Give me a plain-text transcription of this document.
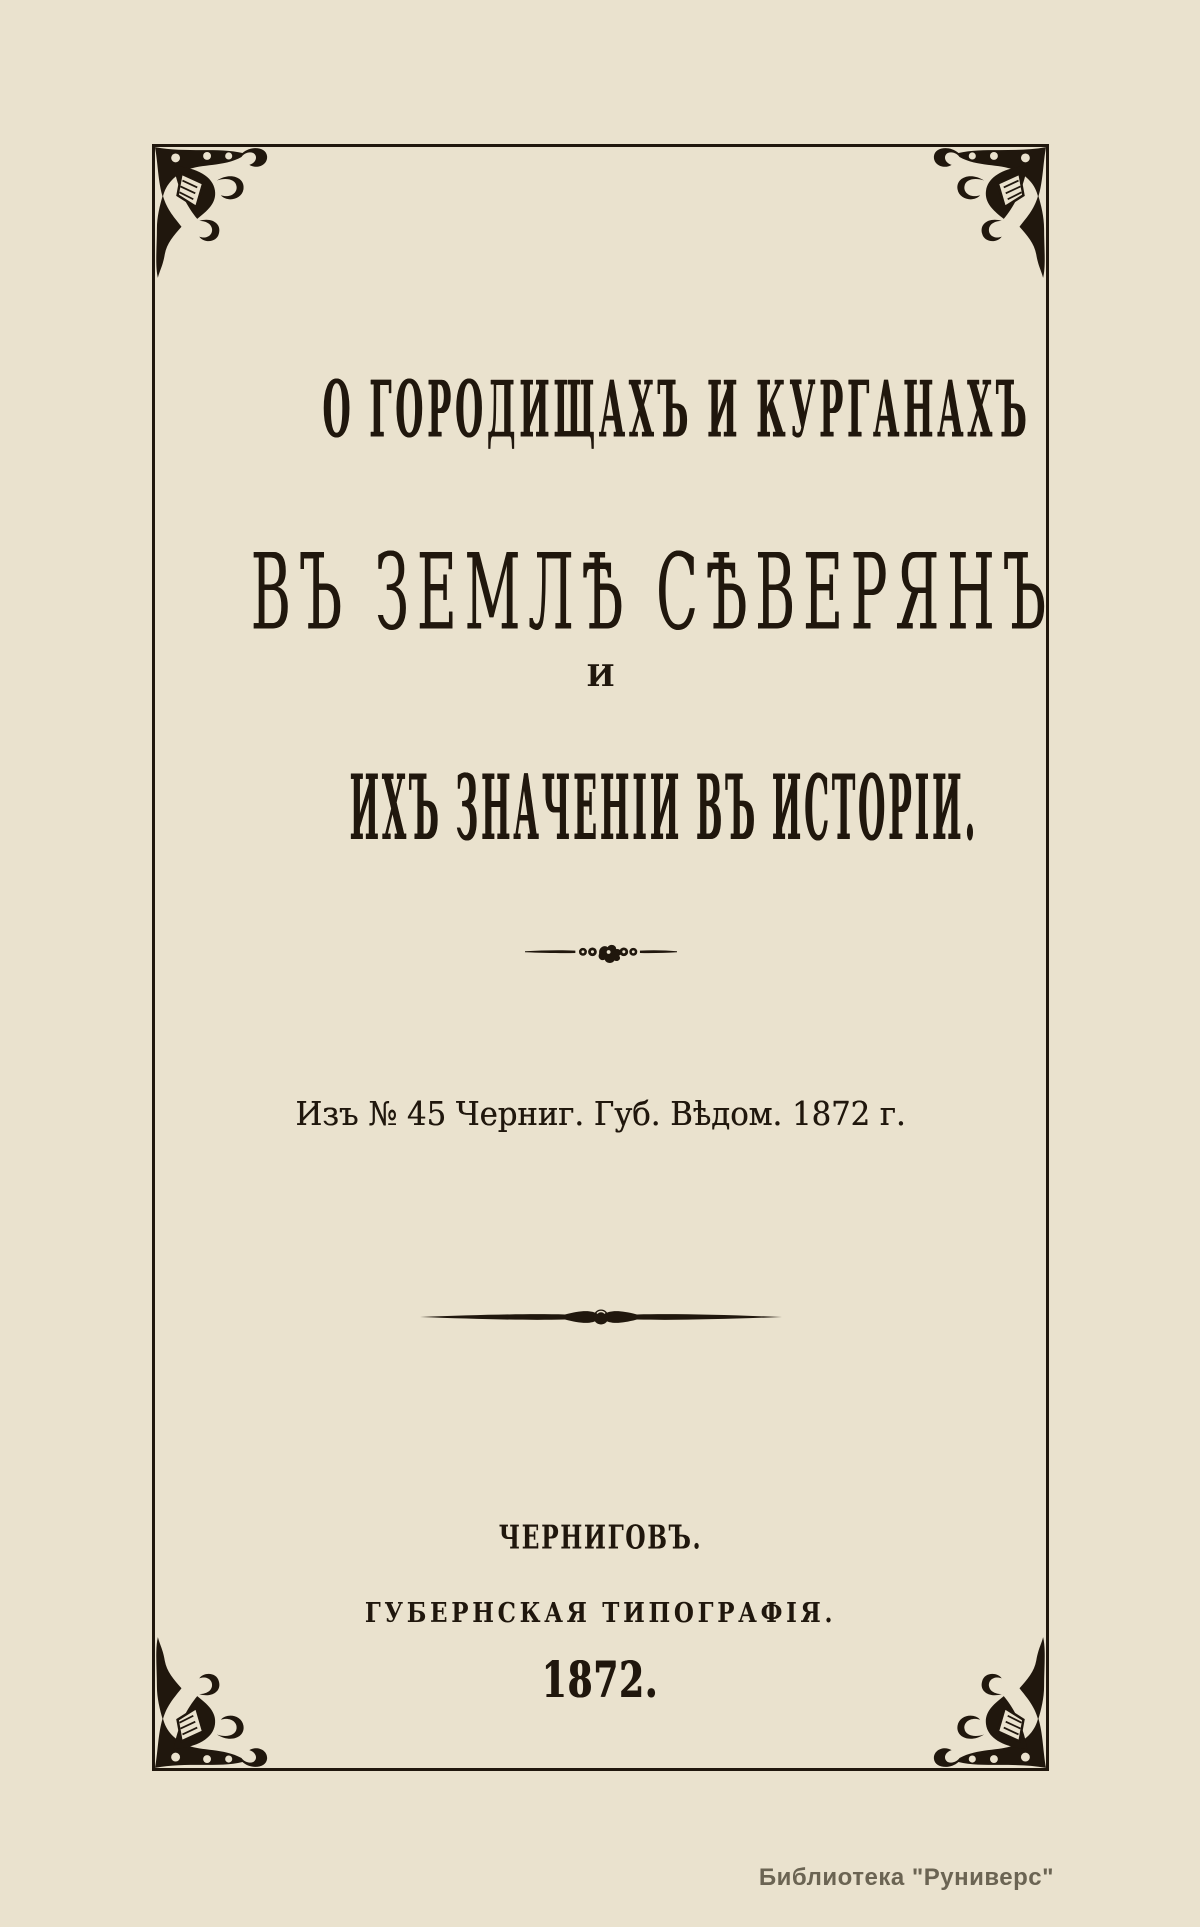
О ГОРОДИЩАХЪ И КУРГАНАХЪ
ВЪ ЗЕМЛѢ СѢВЕРЯНЪ
И
ИХЪ ЗНАЧЕНІИ ВЪ ИСТОРІИ.
Изъ № 45 Черниг. Губ. Вѣдом. 1872 г.
ЧЕРНИГОВЪ.
ГУБЕРНСКАЯ ТИПОГРАФІЯ.
1872.
Библиотека "Руниверс"
